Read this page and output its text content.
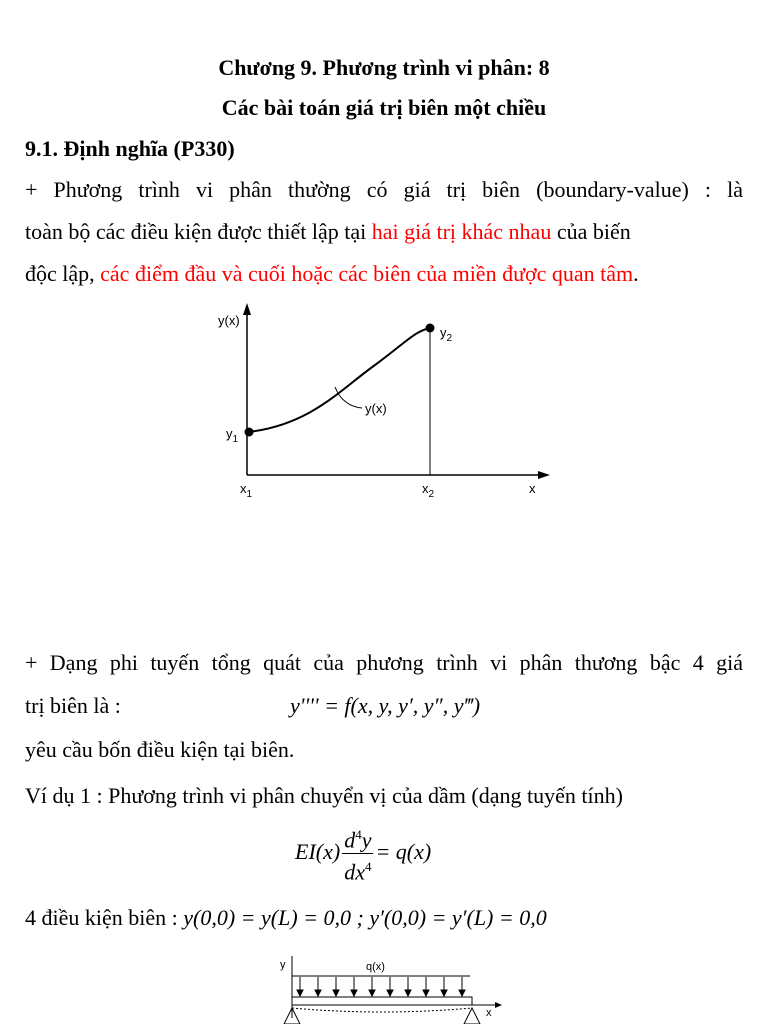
Chương 9. Phương trình vi phân: 8
Các bài toán giá trị biên một chiều
9.1. Định nghĩa (P330)
+ Phương trình vi phân thường có giá trị biên (boundary-value) : là
toàn bộ các điều kiện được thiết lập tại hai giá trị khác nhau của biến
độc lập, các điểm đầu và cuối hoặc các biên của miền được quan tâm.
y(x)
y(x)
$y_1$
$y_2$
$x_1$	$x_2$	x
+ Dạng phi tuyến tổng quát của phương trình vi phân thương bậc 4 giá
trị biên là :	y'''' = f(x, y, y′, y″, y‴)
yêu cầu bốn điều kiện tại biên.
Ví dụ 1 : Phương trình vi phân chuyển vị của dầm (dạng tuyến tính)
$EI(x) \frac{d^4y}{dx^4} = q(x)$
4 điều kiện biên : y(0,0) = y(L) = 0,0 ; y′(0,0) = y′(L) = 0,0
y	q(x)
x
